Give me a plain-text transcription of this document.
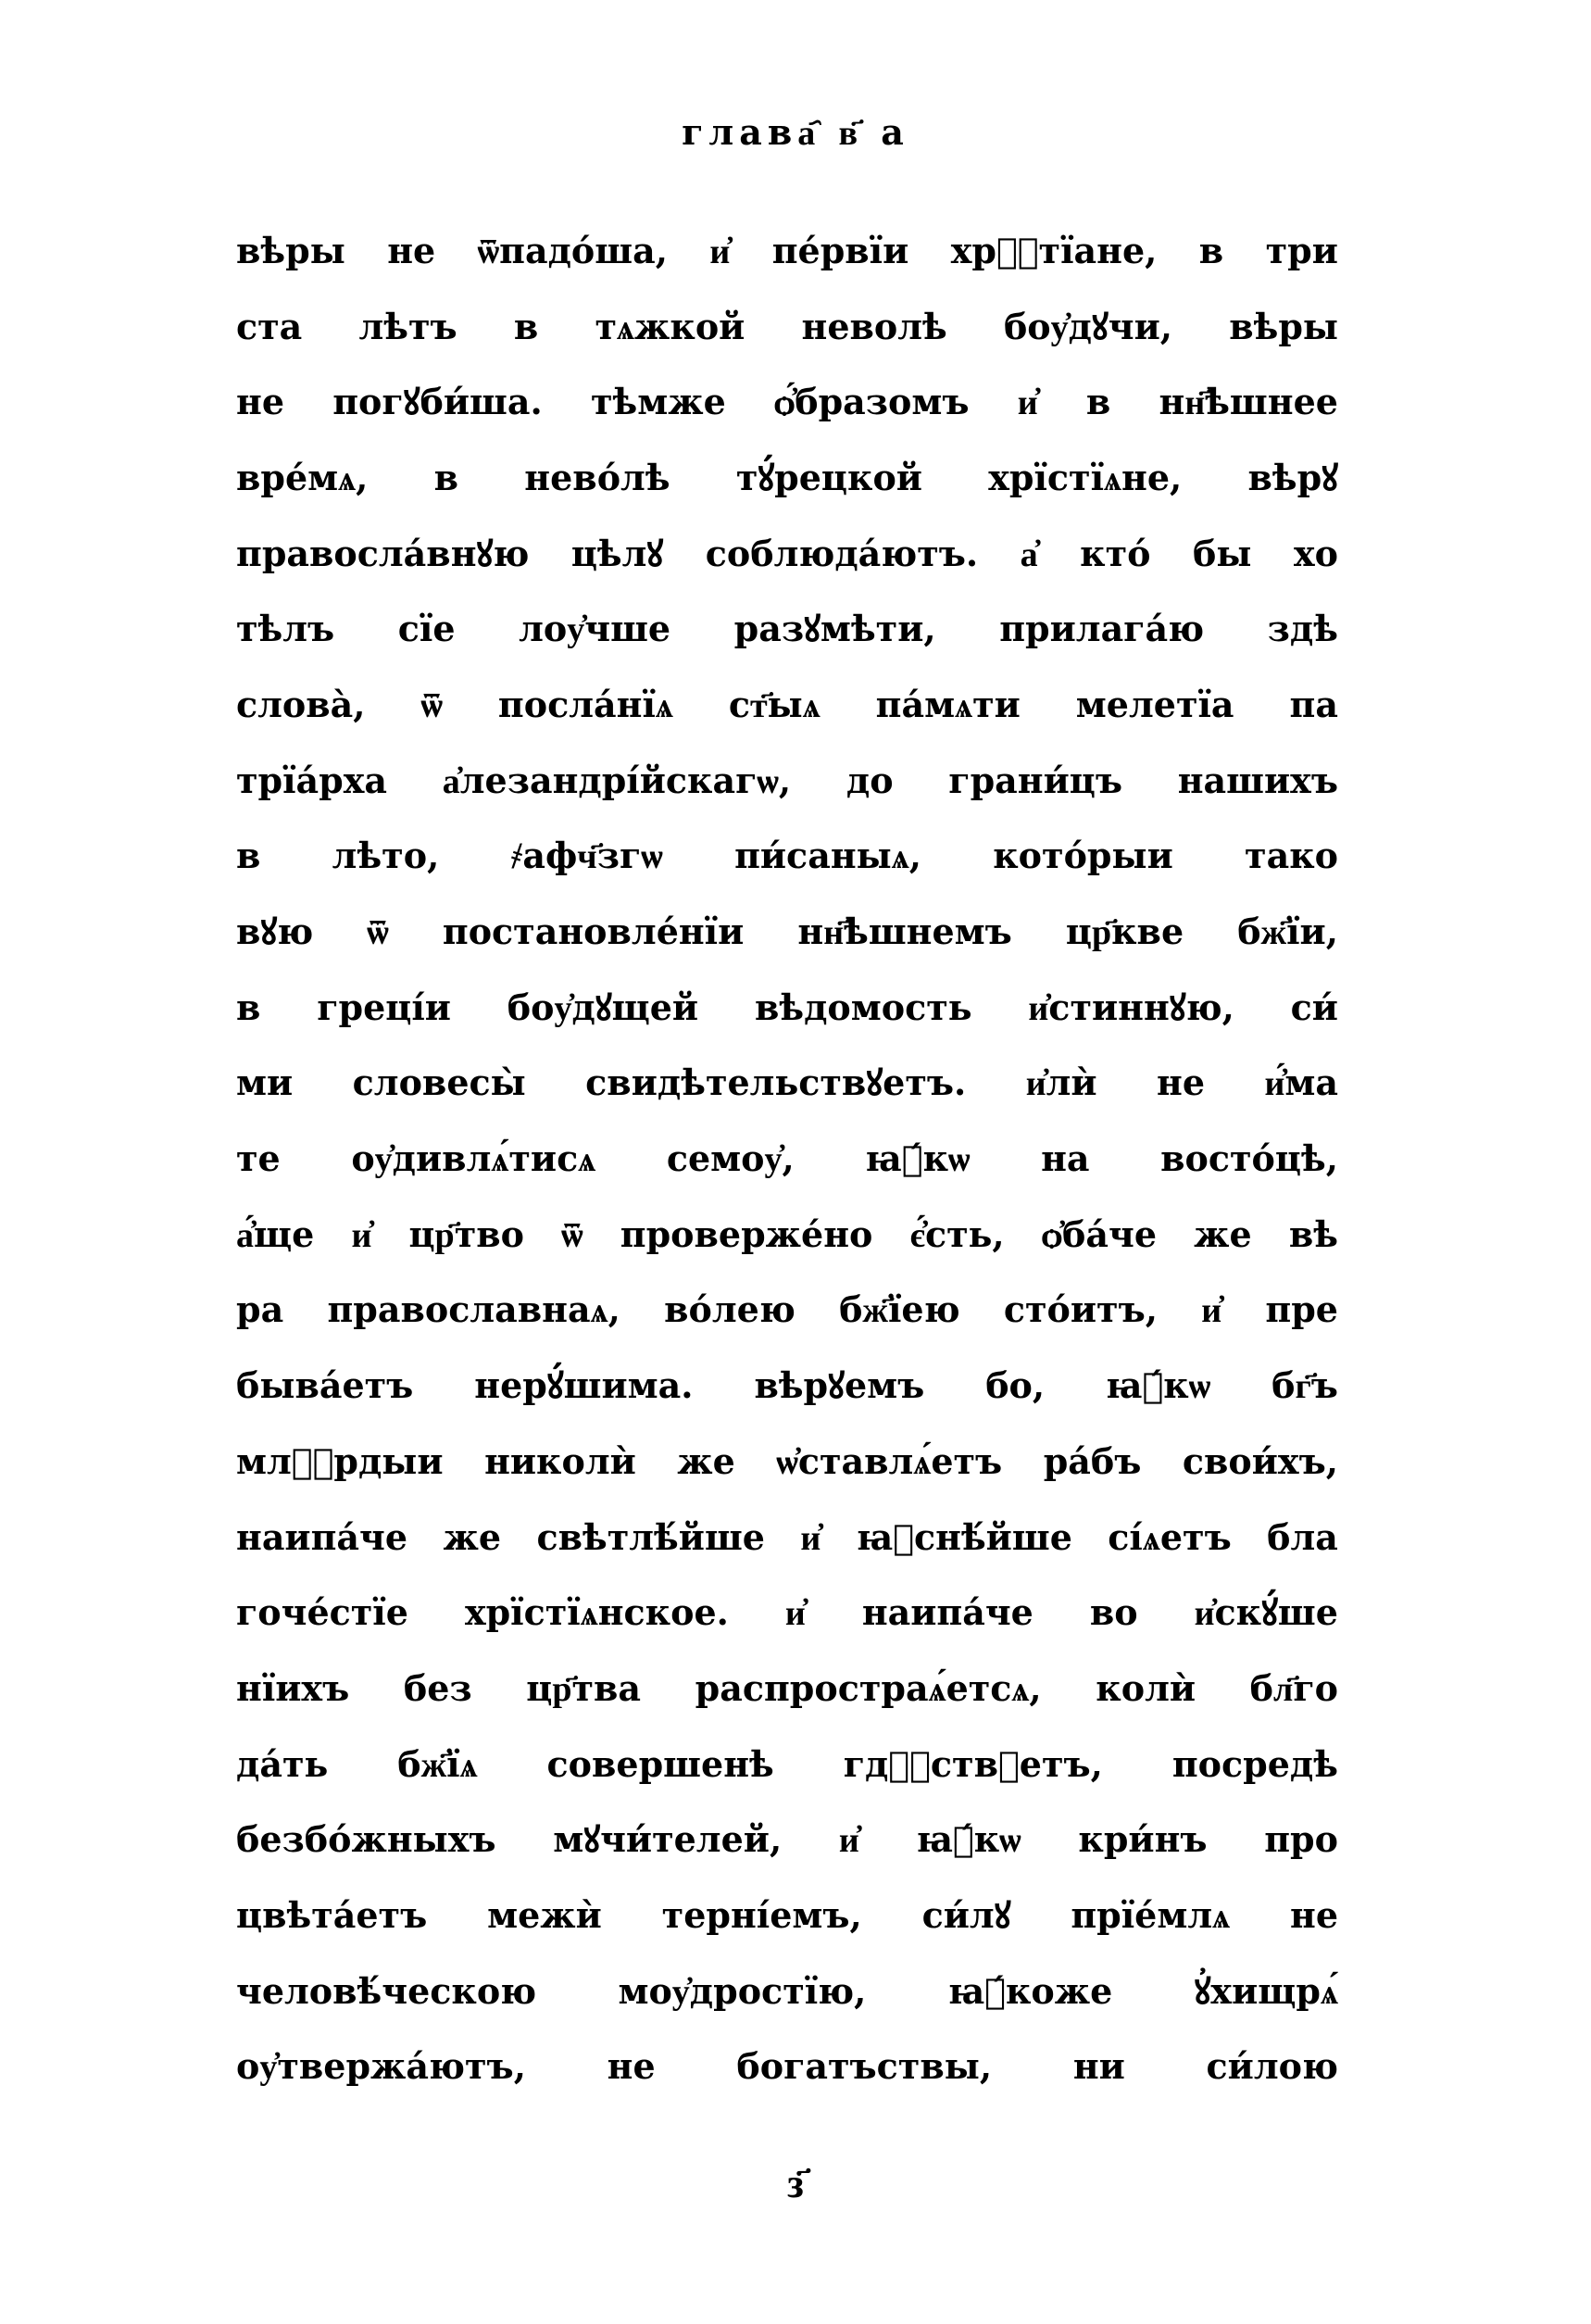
глава҄ в҃ а
вѣры не ѿпадо́ша, и҆ пе́рвїи хрⷭ҇тїане, в три
ста лѣтъ в тѧжкой неволѣ боу҆дꙋчи, вѣры
не погꙋби́ша. тѣмже ѻ҆́бразомъ и҆ в нн҃ѣшнее
вре́мѧ, в нево́лѣ тꙋ́рецкой хрїстїѧне, вѣрꙋ
правосла́внꙋю цѣлꙋ соблюда́ютъ. а҆ кто́ бы хо
тѣлъ сїе лоу҆чше разꙋмѣти, прилага́ю здѣ
слова̀, ѿ посла́нїѧ ст҃ыѧ па́мѧти мелетїа па
трїа́рха а҆лезандрі́йскагѡ, до грани́цъ нашихъ
в лѣто, ҂афч҃згѡ пи́саныѧ, кото́рыи тако
вꙋю ѿ постановле́нїи нн҃ѣшнемъ цр҃кве бж҃їи,
в греці́и боу҆дꙋщей вѣдомость и҆стиннꙋю, си́
ми словесы̀ свидѣтельствꙋетъ. и҆лѝ не и҆́ма
те оу҆дивлѧ́тисѧ семоу҆, ꙗ҆́кѡ на восто́цѣ,
а҆́ще и҆ цр҃тво ѿ проверже́но є҆́сть, ѻ҆ба́че же вѣ
ра православнаѧ, во́лею бж҃їею сто́итъ, и҆ пре
быва́етъ нерꙋ́шима. вѣрꙋемъ бо, ꙗ҆́кѡ бг҃ъ
млⷭ҇рдыи николѝ же ѡ҆ставлѧ́етъ ра́бъ свои́хъ,
наипа́че же свѣтлѣ́йше и҆ ꙗ҆снѣ́йше сі́ѧетъ бла
гоче́стїе хрїстїѧнское. и҆ наипа́че во и҆скꙋ́ше
нїихъ без цр҃тва распростраѧ́етсѧ, колѝ бл҃го
да́ть бж҃їѧ совершенѣ гдⷭ҇ствꙋетъ, посредѣ
безбо́жныхъ мꙋчи́телей, и҆ ꙗ҆́кѡ кри́нъ про
цвѣта́етъ межѝ терні́емъ, си́лꙋ прїе́млѧ не
человѣ́ческою моу҆дростїю, ꙗ҆́коже ꙋ҆хищрѧ́
оу҆твержа́ютъ, не богатъствы, ни си́лою
з҃
